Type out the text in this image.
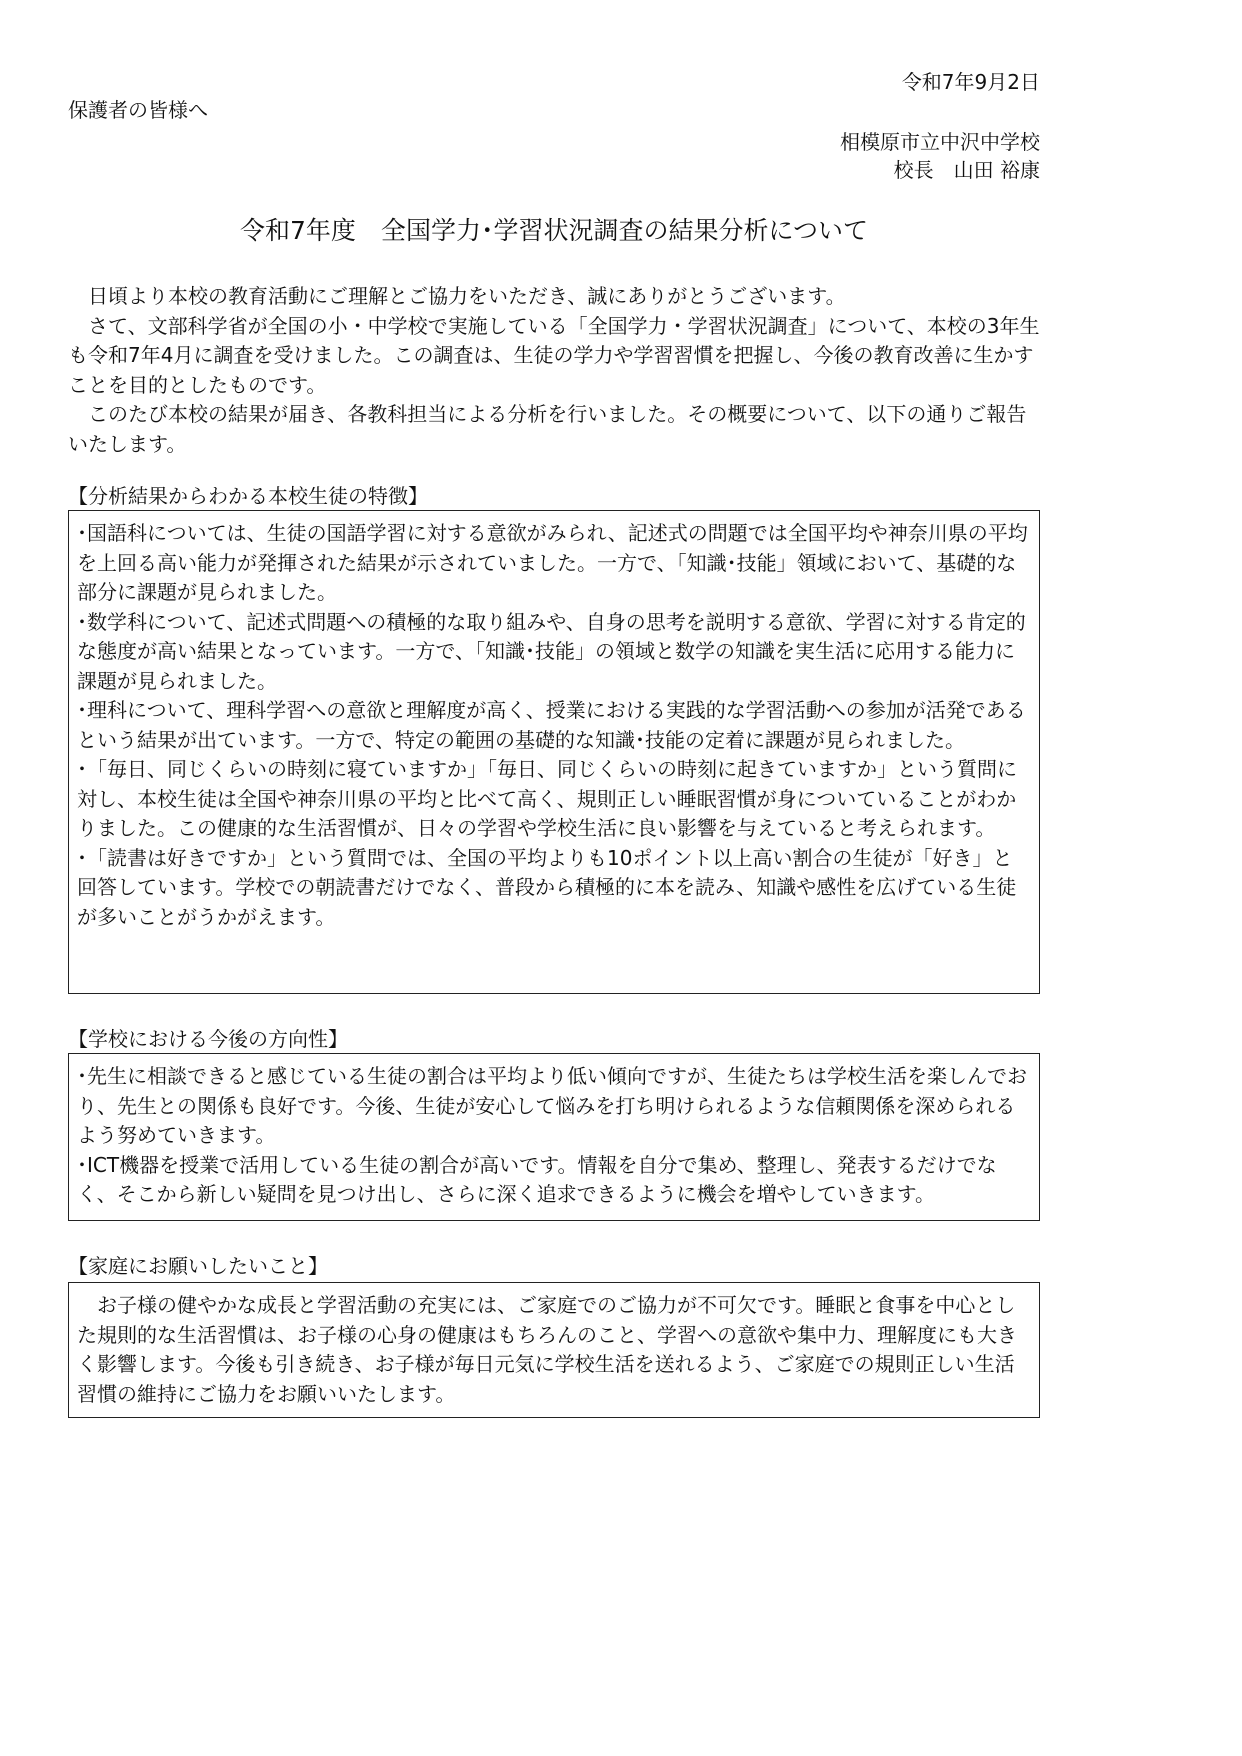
令和7年9月2日
保護者の皆様へ
相模原市立中沢中学校
校長　山田 裕康
令和7年度　全国学力･学習状況調査の結果分析について

日頃より本校の教育活動にご理解とご協力をいただき、誠にありがとうございます。

さて、文部科学省が全国の小・中学校で実施している「全国学力・学習状況調査」について、本校の3年生も令和7年4月に調査を受けました。この調査は、生徒の学力や学習習慣を把握し、今後の教育改善に生かすことを目的としたものです。

このたび本校の結果が届き、各教科担当による分析を行いました。その概要について、以下の通りご報告いたします。

【分析結果からわかる本校生徒の特徴】

･国語科については、生徒の国語学習に対する意欲がみられ、記述式の問題では全国平均や神奈川県の平均を上回る高い能力が発揮された結果が示されていました。一方で、「知識･技能」領域において、基礎的な部分に課題が見られました。

･数学科について、記述式問題への積極的な取り組みや、自身の思考を説明する意欲、学習に対する肯定的な態度が高い結果となっています。一方で、「知識･技能」の領域と数学の知識を実生活に応用する能力に課題が見られました。

･理科について、理科学習への意欲と理解度が高く、授業における実践的な学習活動への参加が活発であるという結果が出ています。一方で、特定の範囲の基礎的な知識･技能の定着に課題が見られました。

･「毎日、同じくらいの時刻に寝ていますか」「毎日、同じくらいの時刻に起きていますか」という質問に対し、本校生徒は全国や神奈川県の平均と比べて高く、規則正しい睡眠習慣が身についていることがわかりました。この健康的な生活習慣が、日々の学習や学校生活に良い影響を与えていると考えられます。

･「読書は好きですか」という質問では、全国の平均よりも10ポイント以上高い割合の生徒が「好き」と回答しています。学校での朝読書だけでなく、普段から積極的に本を読み、知識や感性を広げている生徒が多いことがうかがえます。

【学校における今後の方向性】

･先生に相談できると感じている生徒の割合は平均より低い傾向ですが、生徒たちは学校生活を楽しんでおり、先生との関係も良好です。今後、生徒が安心して悩みを打ち明けられるような信頼関係を深められるよう努めていきます。

･ICT機器を授業で活用している生徒の割合が高いです。情報を自分で集め、整理し、発表するだけでなく、そこから新しい疑問を見つけ出し、さらに深く追求できるように機会を増やしていきます。

【家庭にお願いしたいこと】

お子様の健やかな成長と学習活動の充実には、ご家庭でのご協力が不可欠です。睡眠と食事を中心とした規則的な生活習慣は、お子様の心身の健康はもちろんのこと、学習への意欲や集中力、理解度にも大きく影響します。今後も引き続き、お子様が毎日元気に学校生活を送れるよう、ご家庭での規則正しい生活習慣の維持にご協力をお願いいたします。
